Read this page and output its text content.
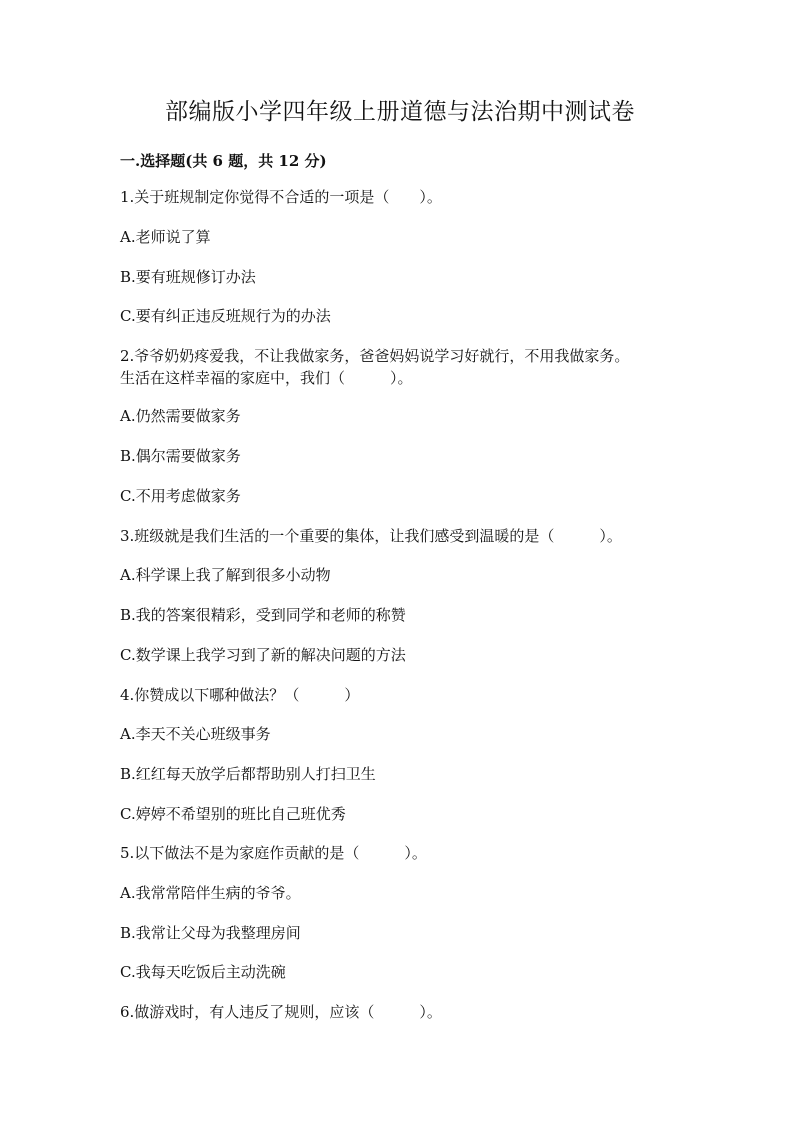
部编版小学四年级上册道德与法治期中测试卷
一.选择题(共 6 题，共 12 分)
1.关于班规制定你觉得不合适的一项是（　　）。
A.老师说了算
B.要有班规修订办法
C.要有纠正违反班规行为的办法
2.爷爷奶奶疼爱我，不让我做家务，爸爸妈妈说学习好就行，不用我做家务。
生活在这样幸福的家庭中，我们（　　　）。
A.仍然需要做家务
B.偶尔需要做家务
C.不用考虑做家务
3.班级就是我们生活的一个重要的集体，让我们感受到温暖的是（　　　）。
A.科学课上我了解到很多小动物
B.我的答案很精彩，受到同学和老师的称赞
C.数学课上我学习到了新的解决问题的方法
4.你赞成以下哪种做法？（　　　）
A.李天不关心班级事务
B.红红每天放学后都帮助别人打扫卫生
C.婷婷不希望别的班比自己班优秀
5.以下做法不是为家庭作贡献的是（　　　）。
A.我常常陪伴生病的爷爷。
B.我常让父母为我整理房间
C.我每天吃饭后主动洗碗
6.做游戏时，有人违反了规则，应该（　　　）。
